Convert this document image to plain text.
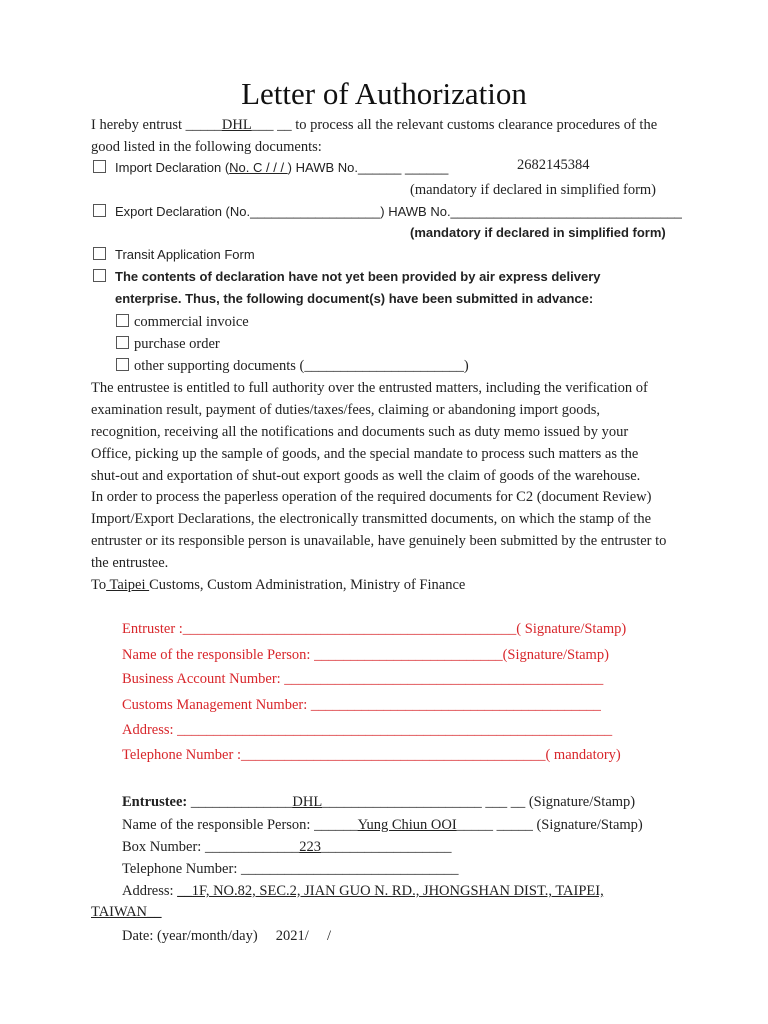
Letter of Authorization
I hereby entrust _____DHL___ __ to process all the relevant customs clearance procedures of the
good listed in the following documents:
Import Declaration (No. C / / / ) HAWB No.______ ______	2682145384
(mandatory if declared in simplified form)
Export Declaration (No.__________________) HAWB No.________________________________
(mandatory if declared in simplified form)
Transit Application Form
The contents of declaration have not yet been provided by air express delivery
enterprise. Thus, the following document(s) have been submitted in advance:
commercial invoice
purchase order
other supporting documents (______________________)
The entrustee is entitled to full authority over the entrusted matters, including the verification of
examination result, payment of duties/taxes/fees, claiming or abandoning import goods,
recognition, receiving all the notifications and documents such as duty memo issued by your
Office, picking up the sample of goods, and the special mandate to process such matters as the
shut-out and exportation of shut-out export goods as well the claim of goods of the warehouse.
In order to process the paperless operation of the required documents for C2 (document Review)
Import/Export Declarations, the electronically transmitted documents, on which the stamp of the
entruster or its responsible person is unavailable, have genuinely been submitted by the entruster to
the entrustee.
To Taipei Customs, Custom Administration, Ministry of Finance
Entruster :______________________________________________( Signature/Stamp)
Name of the responsible Person: __________________________(Signature/Stamp)
Business Account Number: ____________________________________________
Customs Management Number: ________________________________________
Address: ____________________________________________________________
Telephone Number :__________________________________________( mandatory)
Entrustee: ______________DHL______________________ ___ __ (Signature/Stamp)
Name of the responsible Person: ______Yung Chiun OOI_____ _____ (Signature/Stamp)
Box Number: _____________223__________________
Telephone Number: ______________________________
Address: __1F, NO.82, SEC.2, JIAN GUO N. RD., JHONGSHAN DIST., TAIPEI,
TAIWAN__
Date: (year/month/day)     2021/     /
